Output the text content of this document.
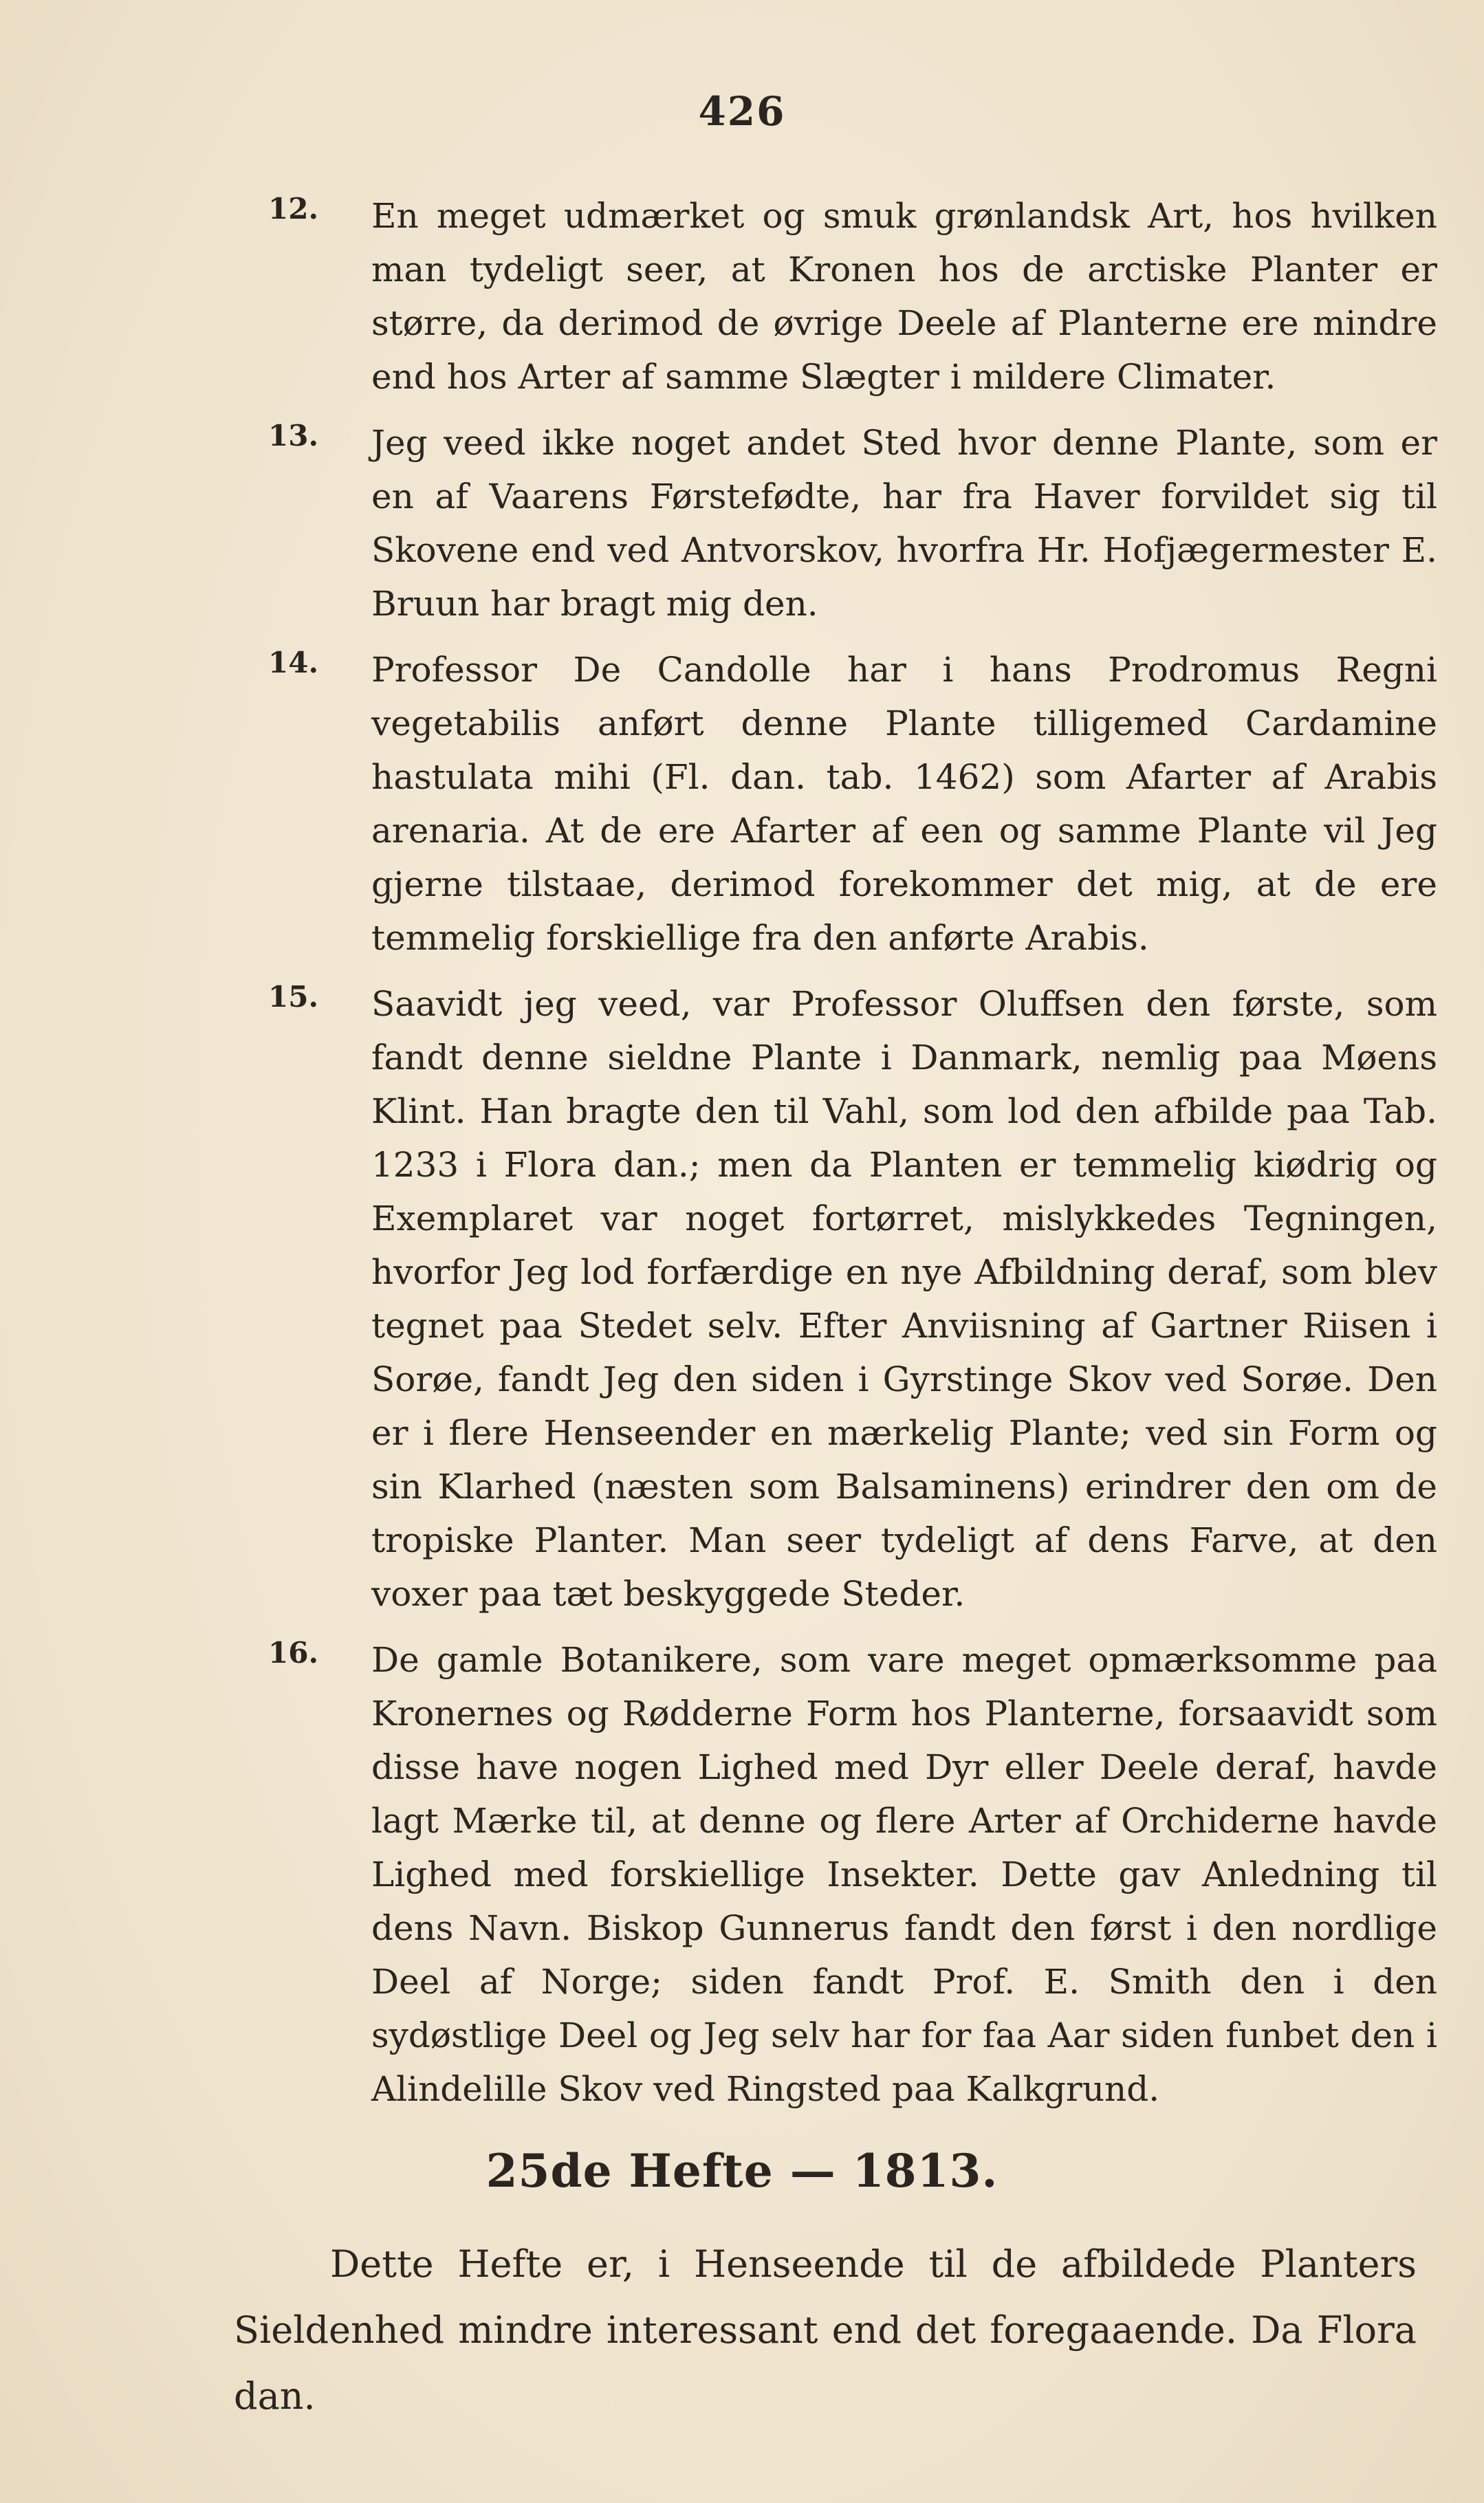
426
12.	En meget udmærket og smuk grønlandsk Art, hos hvilken man tydeligt seer, at Kronen hos de arctiske Planter er større, da derimod de øvrige Deele af Planterne ere mindre end hos Arter af samme Slægter i mildere Climater.
13.	Jeg veed ikke noget andet Sted hvor denne Plante, som er en af Vaarens Førstefødte, har fra Haver forvildet sig til Skovene end ved Antvorskov, hvorfra Hr. Hofjægermester E. Bruun har bragt mig den.
14.	Professor De Candolle har i hans Prodromus Regni vegetabilis anført denne Plante tilligemed Cardamine hastulata mihi (Fl. dan. tab. 1462) som Afarter af Arabis arenaria. At de ere Afarter af een og samme Plante vil Jeg gjerne tilstaae, derimod forekommer det mig, at de ere temmelig forskiellige fra den anførte Arabis.
15.	Saavidt jeg veed, var Professor Oluffsen den første, som fandt denne sieldne Plante i Danmark, nemlig paa Møens Klint. Han bragte den til Vahl, som lod den afbilde paa Tab. 1233 i Flora dan.; men da Planten er temmelig kiødrig og Exemplaret var noget fortørret, mislykkedes Tegningen, hvorfor Jeg lod forfærdige en nye Afbildning deraf, som blev tegnet paa Stedet selv. Efter Anviisning af Gartner Riisen i Sorøe, fandt Jeg den siden i Gyrstinge Skov ved Sorøe. Den er i flere Henseender en mærkelig Plante; ved sin Form og sin Klarhed (næsten som Balsaminens) erindrer den om de tropiske Planter. Man seer tydeligt af dens Farve, at den voxer paa tæt beskyggede Steder.
16.	De gamle Botanikere, som vare meget opmærksomme paa Kronernes og Rødderne Form hos Planterne, forsaavidt som disse have nogen Lighed med Dyr eller Deele deraf, havde lagt Mærke til, at denne og flere Arter af Orchiderne havde Lighed med forskiellige Insekter. Dette gav Anledning til dens Navn. Biskop Gunnerus fandt den først i den nordlige Deel af Norge; siden fandt Prof. E. Smith den i den sydøstlige Deel og Jeg selv har for faa Aar siden funbet den i Alindelille Skov ved Ringsted paa Kalkgrund.
25de Hefte — 1813.
Dette Hefte er, i Henseende til de afbildede Planters Sieldenhed mindre interessant end det foregaaende. Da Flora dan.
